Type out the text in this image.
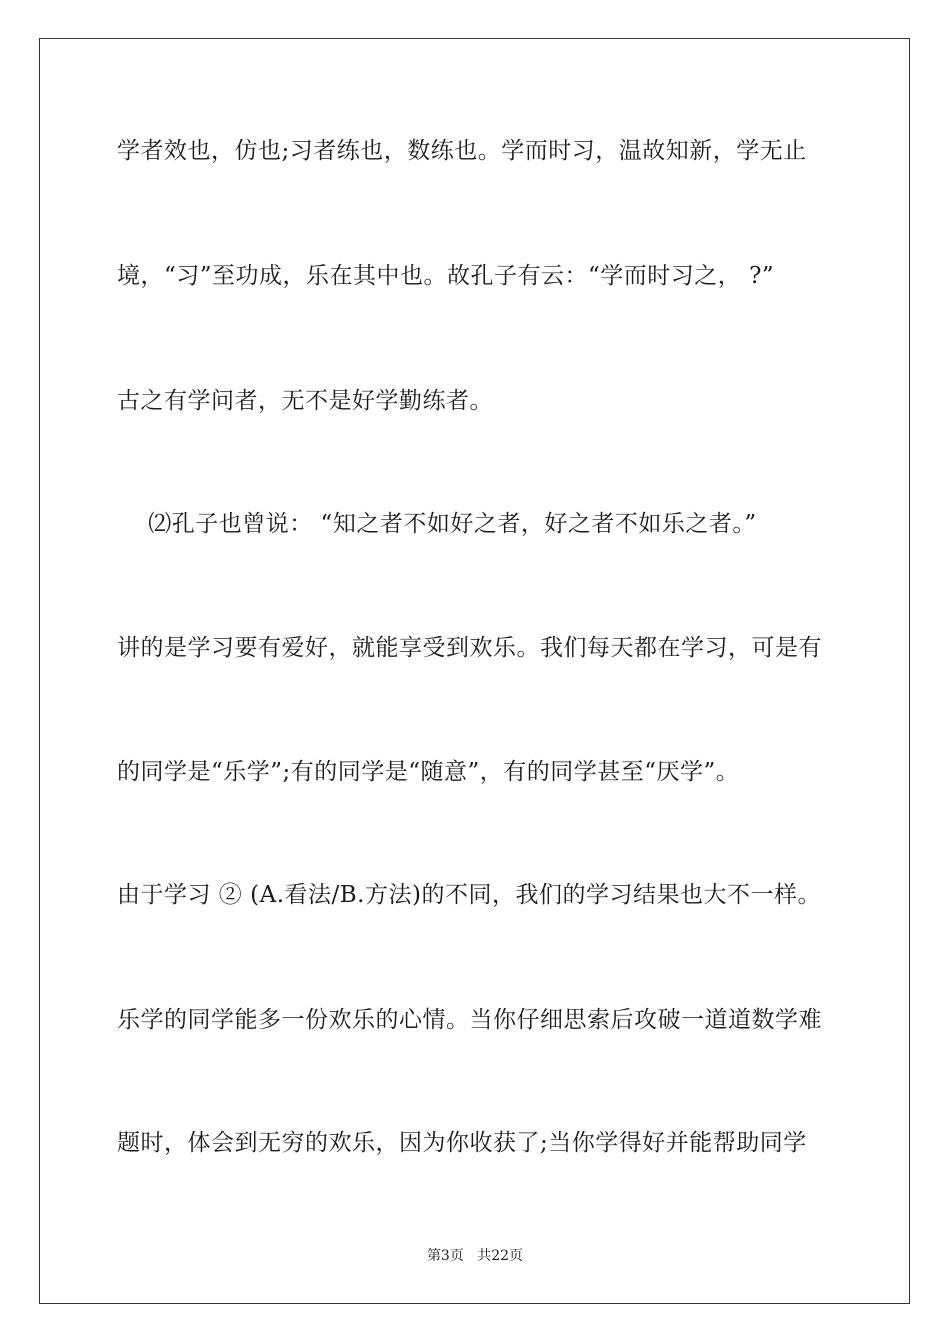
学者效也，仿也;习者练也，数练也。学而时习，温故知新，学无止
境，“习”至功成，乐在其中也。故孔子有云：“学而时习之， ?”
古之有学问者，无不是好学勤练者。
⑵孔子也曾说： “知之者不如好之者，好之者不如乐之者。”
讲的是学习要有爱好，就能享受到欢乐。我们每天都在学习，可是有
的同学是“乐学”;有的同学是“随意”，有的同学甚至“厌学”。
由于学习 ② (A.看法/B.方法)的不同，我们的学习结果也大不一样。
乐学的同学能多一份欢乐的心情。当你仔细思索后攻破一道道数学难
题时，体会到无穷的欢乐，因为你收获了;当你学得好并能帮助同学
第3页 共22页
